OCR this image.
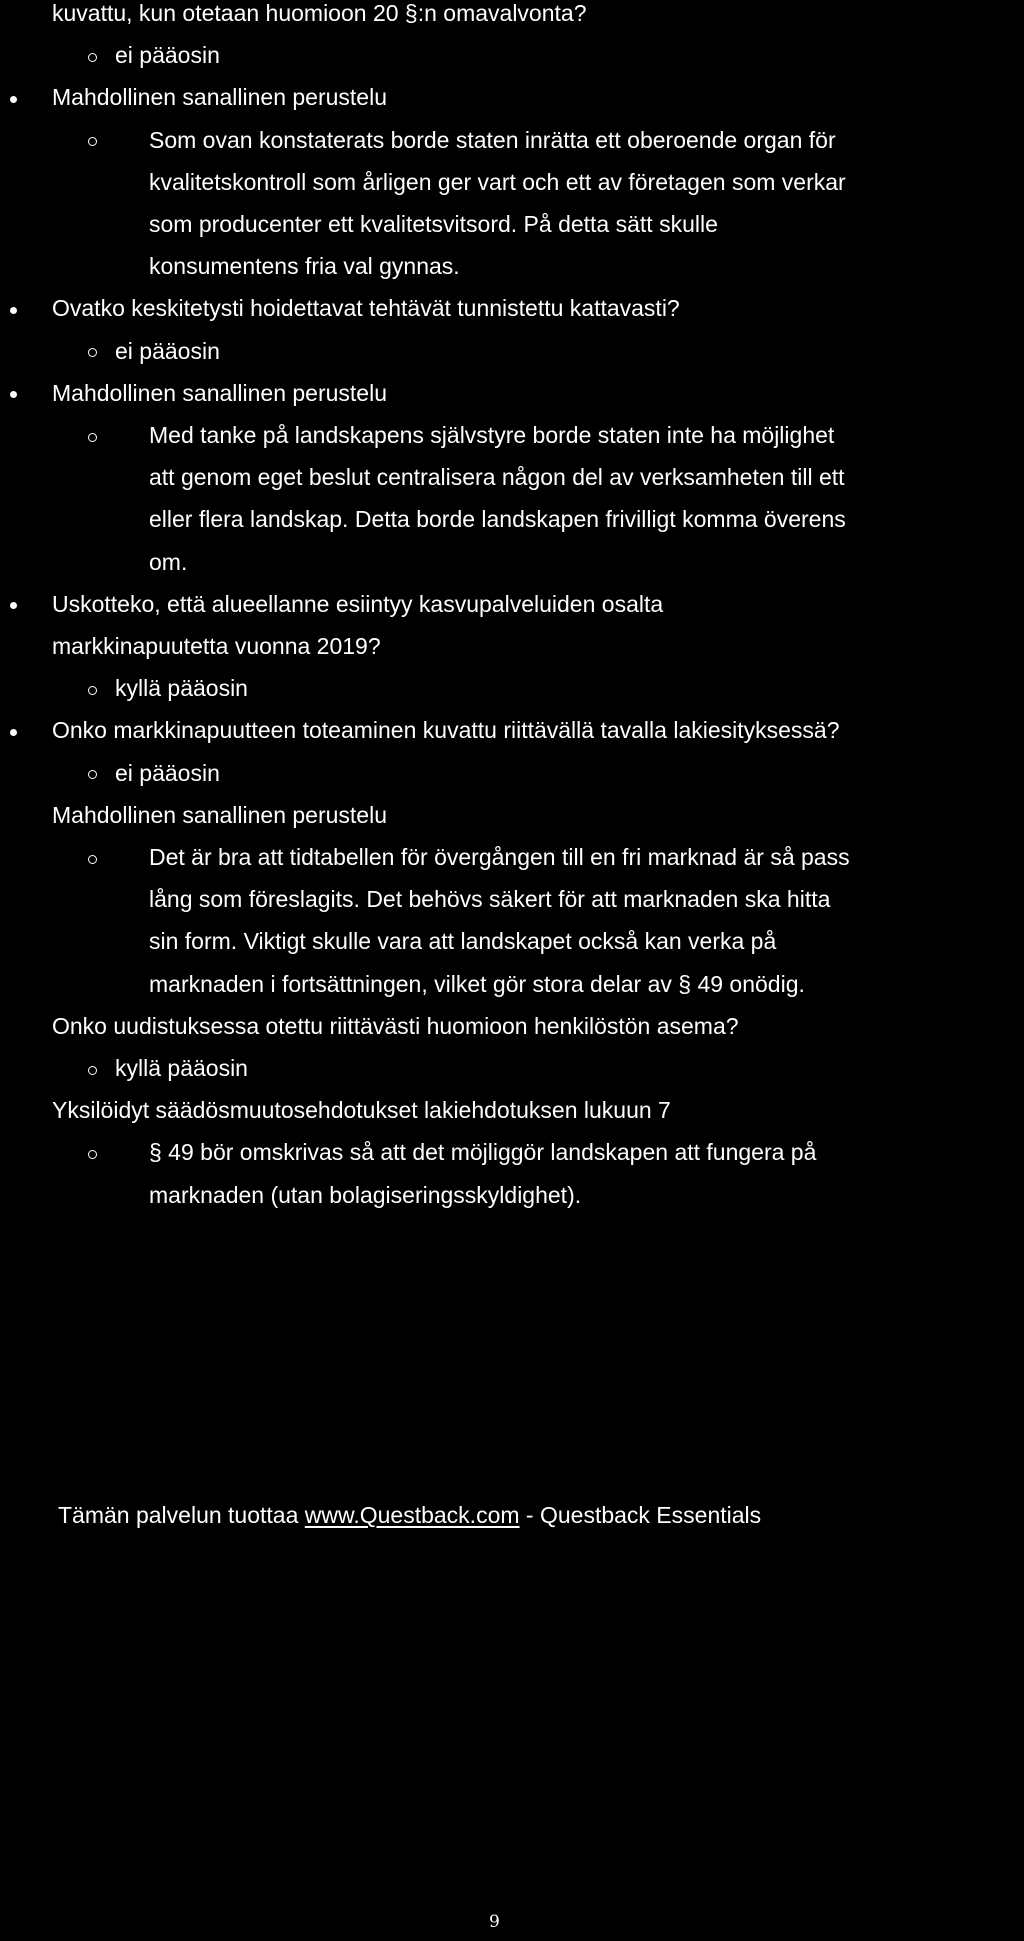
kuvattu, kun otetaan huomioon 20 §:n omavalvonta?
ei pääosin
Mahdollinen sanallinen perustelu
Som ovan konstaterats borde staten inrätta ett oberoende organ för
kvalitetskontroll som årligen ger vart och ett av företagen som verkar
som producenter ett kvalitetsvitsord. På detta sätt skulle
konsumentens fria val gynnas.
Ovatko keskitetysti hoidettavat tehtävät tunnistettu kattavasti?
ei pääosin
Mahdollinen sanallinen perustelu
Med tanke på landskapens självstyre borde staten inte ha möjlighet
att genom eget beslut centralisera någon del av verksamheten till ett
eller flera landskap. Detta borde landskapen frivilligt komma överens
om.
Uskotteko, että alueellanne esiintyy kasvupalveluiden osalta
markkinapuutetta vuonna 2019?
kyllä pääosin
Onko markkinapuutteen toteaminen kuvattu riittävällä tavalla lakiesityksessä?
ei pääosin
Mahdollinen sanallinen perustelu
Det är bra att tidtabellen för övergången till en fri marknad är så pass
lång som föreslagits. Det behövs säkert för att marknaden ska hitta
sin form. Viktigt skulle vara att landskapet också kan verka på
marknaden i fortsättningen, vilket gör stora delar av § 49 onödig.
Onko uudistuksessa otettu riittävästi huomioon henkilöstön asema?
kyllä pääosin
Yksilöidyt säädösmuutosehdotukset lakiehdotuksen lukuun 7
§ 49 bör omskrivas så att det möjliggör landskapen att fungera på
marknaden (utan bolagiseringsskyldighet).
Tämän palvelun tuottaa www.Questback.com - Questback Essentials
9
